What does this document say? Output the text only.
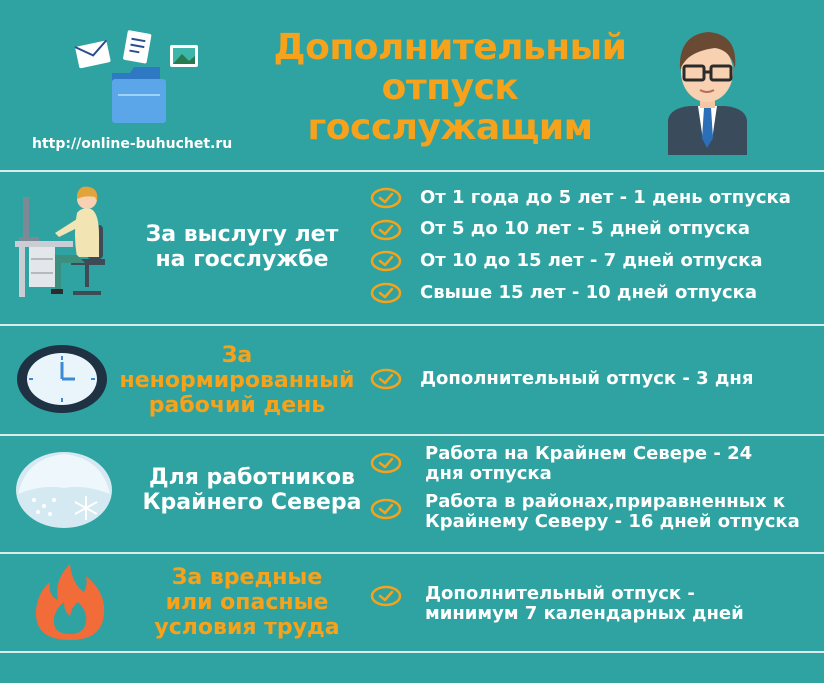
Дополнительный
отпуск
госслужащим
http://online-buhuchet.ru
За выслугу лет
на госслужбе
От 1 года до 5 лет - 1 день отпуска
От 5 до 10 лет - 5 дней отпуска
От 10 до 15 лет - 7 дней отпуска
Свыше 15 лет - 10 дней отпуска
За
ненормированный
рабочий день
Дополнительный отпуск - 3 дня
Для работников
Крайнего Севера
Работа на Крайнем Севере - 24
дня отпуска
Работа в районах,приравненных к
Крайнему Северу - 16 дней отпуска
За вредные
или опасные
условия труда
Дополнительный отпуск -
минимум 7 календарных дней
